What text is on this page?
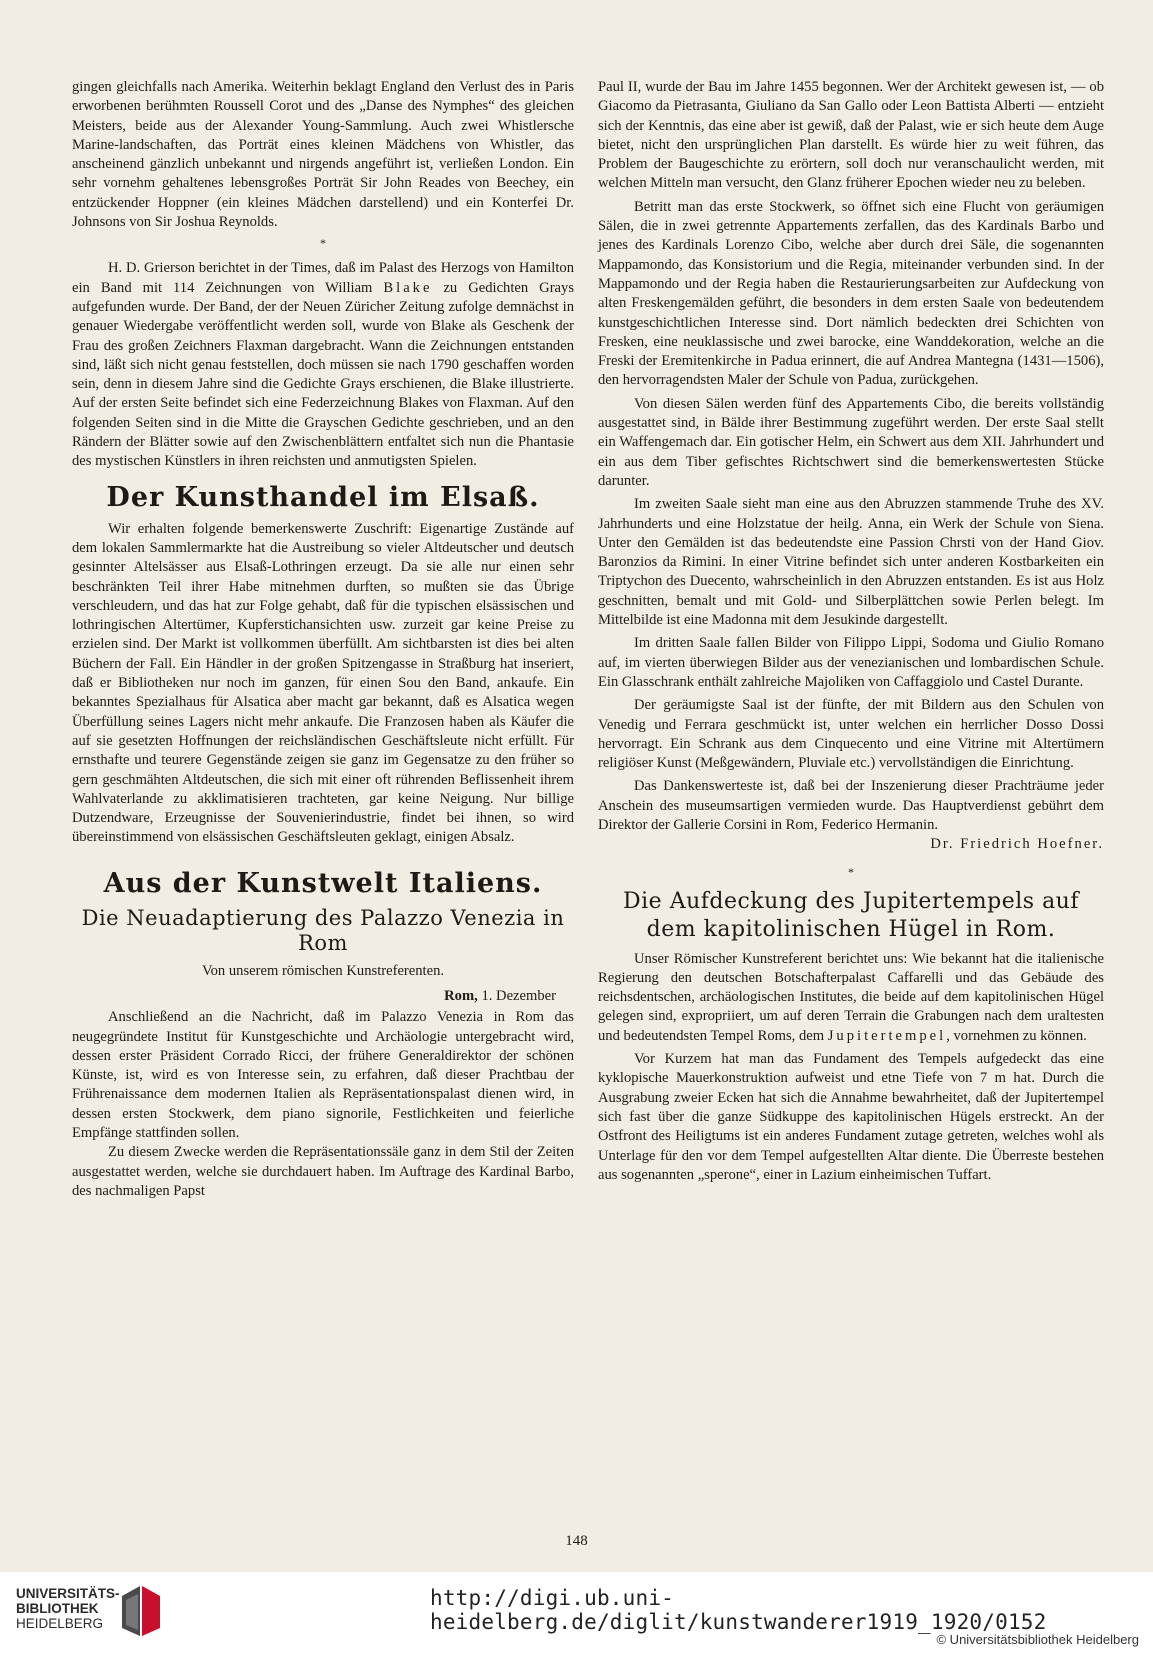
gingen gleichfalls nach Amerika. Weiterhin beklagt England den Verlust des in Paris erworbenen berühmten Roussell Corot und des „Danse des Nymphes“ des gleichen Meisters, beide aus der Alexander Young-Sammlung. Auch zwei Whistlersche Marine-landschaften, das Porträt eines kleinen Mädchens von Whistler, das anscheinend gänzlich unbekannt und nirgends angeführt ist, verließen London. Ein sehr vornehm gehaltenes lebensgroßes Porträt Sir John Reades von Beechey, ein entzückender Hoppner (ein kleines Mädchen darstellend) und ein Konterfei Dr. Johnsons von Sir Joshua Reynolds.

*

H. D. Grierson berichtet in der Times, daß im Palast des Herzogs von Hamilton ein Band mit 114 Zeichnungen von William Blake zu Gedichten Grays aufgefunden wurde. Der Band, der der Neuen Züricher Zeitung zufolge demnächst in genauer Wiedergabe veröffentlicht werden soll, wurde von Blake als Geschenk der Frau des großen Zeichners Flaxman dargebracht. Wann die Zeichnungen entstanden sind, läßt sich nicht genau feststellen, doch müssen sie nach 1790 geschaffen worden sein, denn in diesem Jahre sind die Gedichte Grays erschienen, die Blake illustrierte. Auf der ersten Seite befindet sich eine Federzeichnung Blakes von Flaxman. Auf den folgenden Seiten sind in die Mitte die Grayschen Gedichte geschrieben, und an den Rändern der Blätter sowie auf den Zwischenblättern entfaltet sich nun die Phantasie des mystischen Künstlers in ihren reichsten und anmutigsten Spielen.

Der Kunsthandel im Elsaß.

Wir erhalten folgende bemerkenswerte Zuschrift: Eigenartige Zustände auf dem lokalen Sammlermarkte hat die Austreibung so vieler Altdeutscher und deutsch gesinnter Altelsässer aus Elsaß-Lothringen erzeugt. Da sie alle nur einen sehr beschränkten Teil ihrer Habe mitnehmen durften, so mußten sie das Übrige verschleudern, und das hat zur Folge gehabt, daß für die typischen elsässischen und lothringischen Altertümer, Kupferstichansichten usw. zurzeit gar keine Preise zu erzielen sind. Der Markt ist vollkommen überfüllt. Am sichtbarsten ist dies bei alten Büchern der Fall. Ein Händler in der großen Spitzengasse in Straßburg hat inseriert, daß er Bibliotheken nur noch im ganzen, für einen Sou den Band, ankaufe. Ein bekanntes Spezialhaus für Alsatica aber macht gar bekannt, daß es Alsatica wegen Überfüllung seines Lagers nicht mehr ankaufe. Die Franzosen haben als Käufer die auf sie gesetzten Hoffnungen der reichsländischen Geschäftsleute nicht erfüllt. Für ernsthafte und teurere Gegenstände zeigen sie ganz im Gegensatze zu den früher so gern geschmähten Altdeutschen, die sich mit einer oft rührenden Beflissenheit ihrem Wahlvaterlande zu akklimatisieren trachteten, gar keine Neigung. Nur billige Dutzendware, Erzeugnisse der Souvenierindustrie, findet bei ihnen, so wird übereinstimmend von elsässischen Geschäftsleuten geklagt, einigen Absalz.

Aus der Kunstwelt Italiens.
Die Neuadaptierung des Palazzo Venezia in Rom
Von unserem römischen Kunstreferenten.
Rom, 1. Dezember

Anschließend an die Nachricht, daß im Palazzo Venezia in Rom das neugegründete Institut für Kunstgeschichte und Archäologie untergebracht wird, dessen erster Präsident Corrado Ricci, der frühere Generaldirektor der schönen Künste, ist, wird es von Interesse sein, zu erfahren, daß dieser Prachtbau der Frührenaissance dem modernen Italien als Repräsentationspalast dienen wird, in dessen ersten Stockwerk, dem piano signorile, Festlichkeiten und feierliche Empfänge stattfinden sollen.

Zu diesem Zwecke werden die Repräsentationssäle ganz in dem Stil der Zeiten ausgestattet werden, welche sie durchdauert haben. Im Auftrage des Kardinal Barbo, des nachmaligen Papst

Paul II, wurde der Bau im Jahre 1455 begonnen. Wer der Architekt gewesen ist, — ob Giacomo da Pietrasanta, Giuliano da San Gallo oder Leon Battista Alberti — entzieht sich der Kenntnis, das eine aber ist gewiß, daß der Palast, wie er sich heute dem Auge bietet, nicht den ursprünglichen Plan darstellt. Es würde hier zu weit führen, das Problem der Baugeschichte zu erörtern, soll doch nur veranschaulicht werden, mit welchen Mitteln man versucht, den Glanz früherer Epochen wieder neu zu beleben.

Betritt man das erste Stockwerk, so öffnet sich eine Flucht von geräumigen Sälen, die in zwei getrennte Appartements zerfallen, das des Kardinals Barbo und jenes des Kardinals Lorenzo Cibo, welche aber durch drei Säle, die sogenannten Mappamondo, das Konsistorium und die Regia, miteinander verbunden sind. In der Mappamondo und der Regia haben die Restaurierungsarbeiten zur Aufdeckung von alten Freskengemälden geführt, die besonders in dem ersten Saale von bedeutendem kunstgeschichtlichen Interesse sind. Dort nämlich bedeckten drei Schichten von Fresken, eine neuklassische und zwei barocke, eine Wanddekoration, welche an die Freski der Eremitenkirche in Padua erinnert, die auf Andrea Mantegna (1431—1506), den hervorragendsten Maler der Schule von Padua, zurückgehen.

Von diesen Sälen werden fünf des Appartements Cibo, die bereits vollständig ausgestattet sind, in Bälde ihrer Bestimmung zugeführt werden. Der erste Saal stellt ein Waffengemach dar. Ein gotischer Helm, ein Schwert aus dem XII. Jahrhundert und ein aus dem Tiber gefischtes Richtschwert sind die bemerkenswertesten Stücke darunter.

Im zweiten Saale sieht man eine aus den Abruzzen stammende Truhe des XV. Jahrhunderts und eine Holzstatue der heilg. Anna, ein Werk der Schule von Siena. Unter den Gemälden ist das bedeutendste eine Passion Chrsti von der Hand Giov. Baronzios da Rimini. In einer Vitrine befindet sich unter anderen Kostbarkeiten ein Triptychon des Duecento, wahrscheinlich in den Abruzzen entstanden. Es ist aus Holz geschnitten, bemalt und mit Gold- und Silberplättchen sowie Perlen belegt. Im Mittelbilde ist eine Madonna mit dem Jesukinde dargestellt.

Im dritten Saale fallen Bilder von Filippo Lippi, Sodoma und Giulio Romano auf, im vierten überwiegen Bilder aus der venezianischen und lombardischen Schule. Ein Glasschrank enthält zahlreiche Majoliken von Caffaggiolo und Castel Durante.

Der geräumigste Saal ist der fünfte, der mit Bildern aus den Schulen von Venedig und Ferrara geschmückt ist, unter welchen ein herrlicher Dosso Dossi hervorragt. Ein Schrank aus dem Cinquecento und eine Vitrine mit Altertümern religiöser Kunst (Meßgewändern, Pluviale etc.) vervollständigen die Einrichtung.

Das Dankenswerteste ist, daß bei der Inszenierung dieser Prachträume jeder Anschein des museumsartigen vermieden wurde. Das Hauptverdienst gebührt dem Direktor der Gallerie Corsini in Rom, Federico Hermanin.

Dr. Friedrich Hoefner.
*
Die Aufdeckung des Jupitertempels auf dem kapitolinischen Hügel in Rom.

Unser Römischer Kunstreferent berichtet uns: Wie bekannt hat die italienische Regierung den deutschen Botschafterpalast Caffarelli und das Gebäude des reichsdentschen, archäologischen Institutes, die beide auf dem kapitolinischen Hügel gelegen sind, expropriiert, um auf deren Terrain die Grabungen nach dem uraltesten und bedeutendsten Tempel Roms, dem Jupitertempel, vornehmen zu können.

Vor Kurzem hat man das Fundament des Tempels aufgedeckt das eine kyklopische Mauerkonstruktion aufweist und etne Tiefe von 7 m hat. Durch die Ausgrabung zweier Ecken hat sich die Annahme bewahrheitet, daß der Jupitertempel sich fast über die ganze Südkuppe des kapitolinischen Hügels erstreckt. An der Ostfront des Heiligtums ist ein anderes Fundament zutage getreten, welches wohl als Unterlage für den vor dem Tempel aufgestellten Altar diente. Die Überreste bestehen aus sogenannten „sperone“, einer in Lazium einheimischen Tuffart.

148
UNIVERSITÄTS-
BIBLIOTHEK
HEIDELBERG
http://digi.ub.uni-heidelberg.de/diglit/kunstwanderer1919_1920/0152
© Universitätsbibliothek Heidelberg
